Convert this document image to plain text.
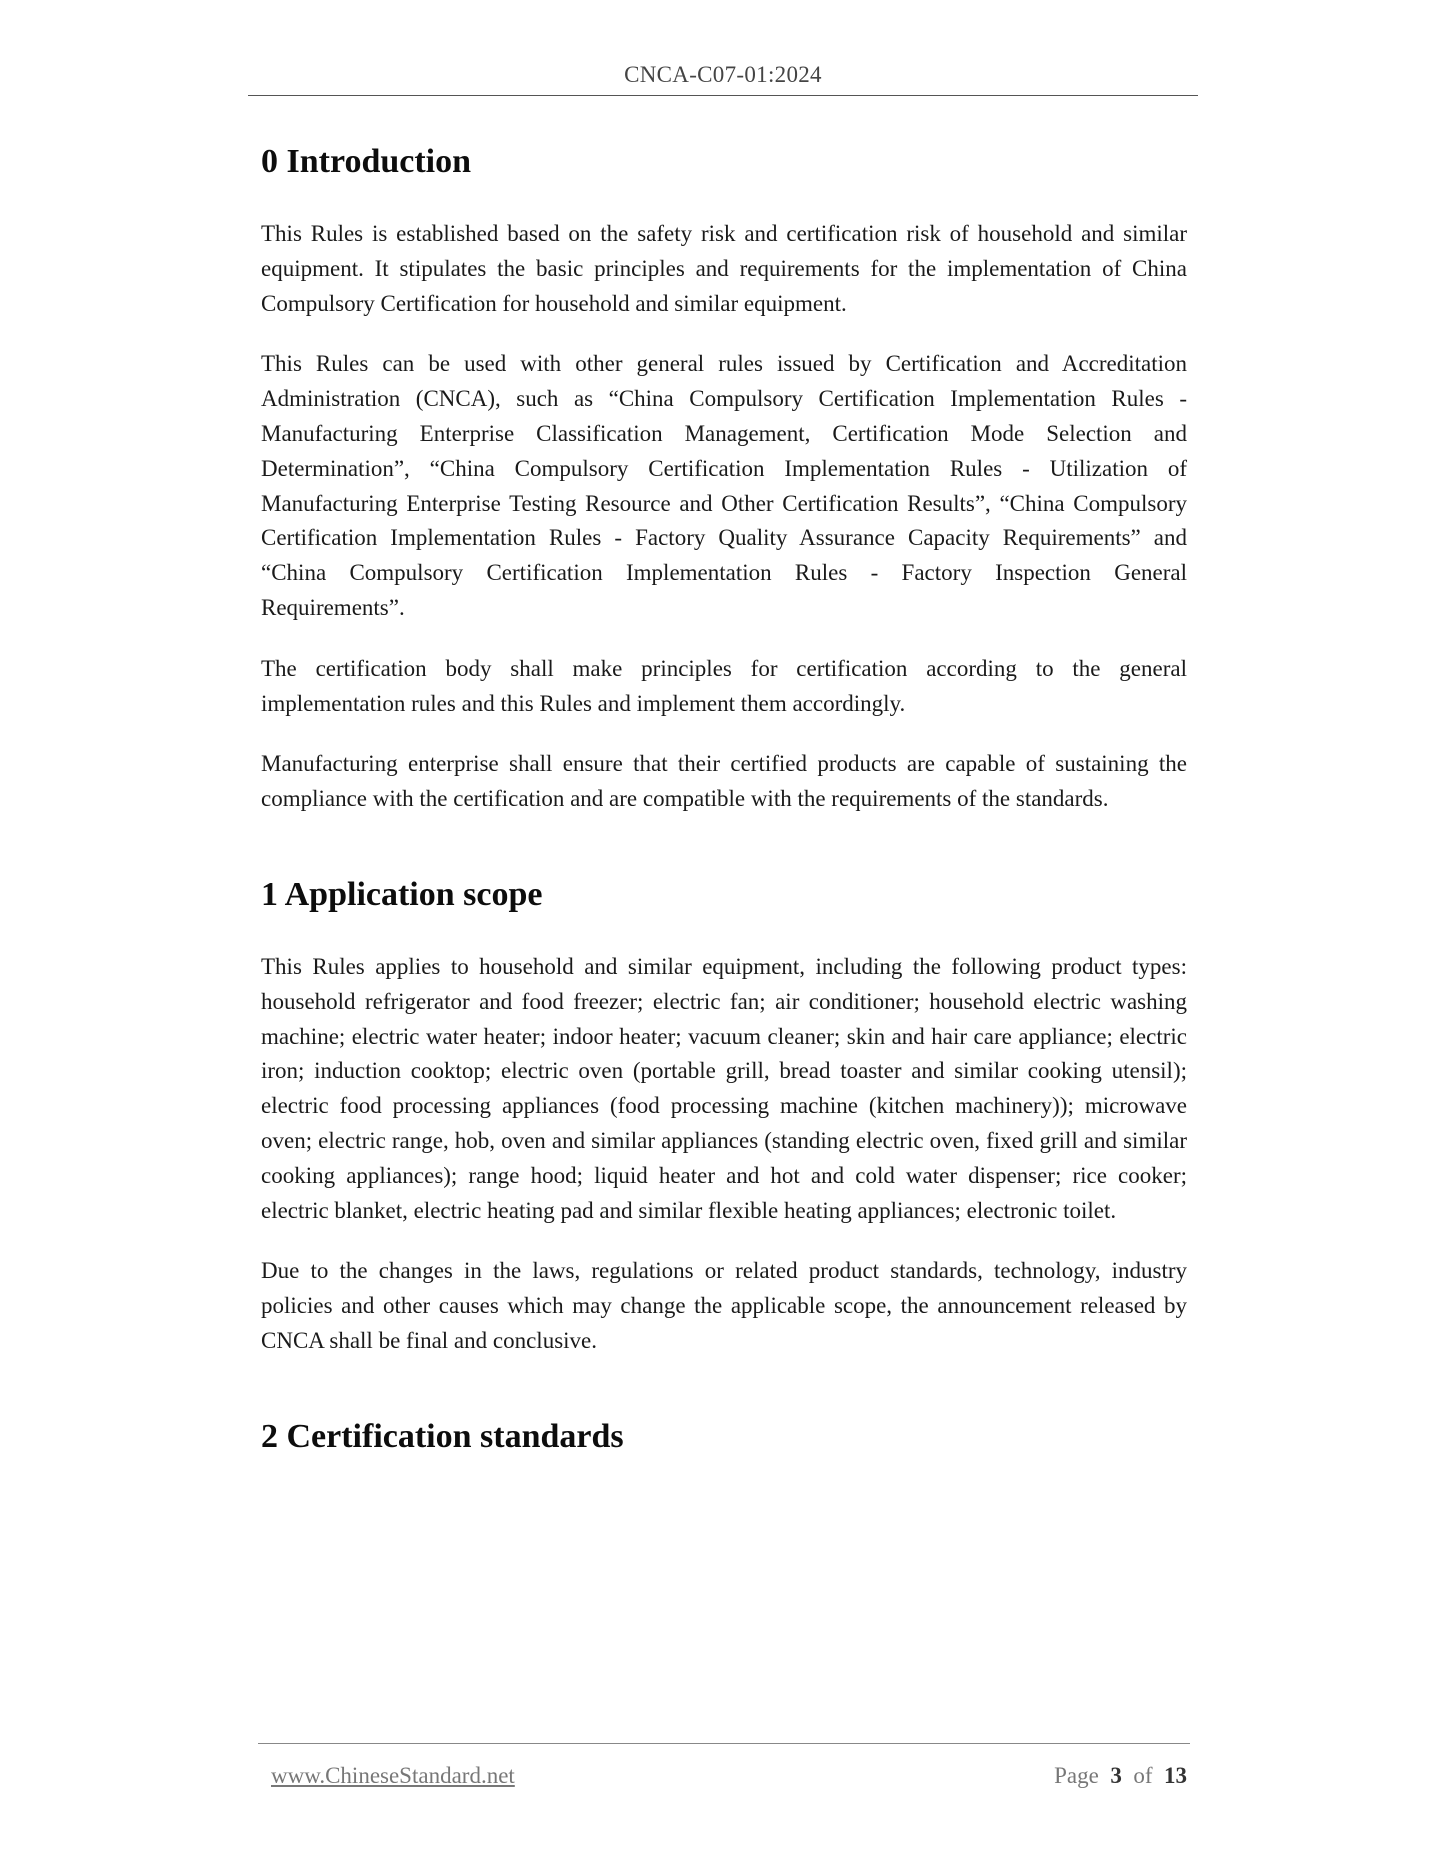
CNCA-C07-01:2024
0 Introduction

This Rules is established based on the safety risk and certification risk of household and similar equipment. It stipulates the basic principles and requirements for the implementation of China Compulsory Certification for household and similar equipment.

This Rules can be used with other general rules issued by Certification and Accreditation Administration (CNCA), such as “China Compulsory Certification Implementation Rules - Manufacturing Enterprise Classification Management, Certification Mode Selection and Determination”, “China Compulsory Certification Implementation Rules - Utilization of Manufacturing Enterprise Testing Resource and Other Certification Results”, “China Compulsory Certification Implementation Rules - Factory Quality Assurance Capacity Requirements” and “China Compulsory Certification Implementation Rules - Factory Inspection General Requirements”.

The certification body shall make principles for certification according to the general implementation rules and this Rules and implement them accordingly.

Manufacturing enterprise shall ensure that their certified products are capable of sustaining the compliance with the certification and are compatible with the requirements of the standards.

1 Application scope

This Rules applies to household and similar equipment, including the following product types: household refrigerator and food freezer; electric fan; air conditioner; household electric washing machine; electric water heater; indoor heater; vacuum cleaner; skin and hair care appliance; electric iron; induction cooktop; electric oven (portable grill, bread toaster and similar cooking utensil); electric food processing appliances (food processing machine (kitchen machinery)); microwave oven; electric range, hob, oven and similar appliances (standing electric oven, fixed grill and similar cooking appliances); range hood; liquid heater and hot and cold water dispenser; rice cooker; electric blanket, electric heating pad and similar flexible heating appliances; electronic toilet.

Due to the changes in the laws, regulations or related product standards, technology, industry policies and other causes which may change the applicable scope, the announcement released by CNCA shall be final and conclusive.

2 Certification standards
www.ChineseStandard.net	Page 3 of 13
